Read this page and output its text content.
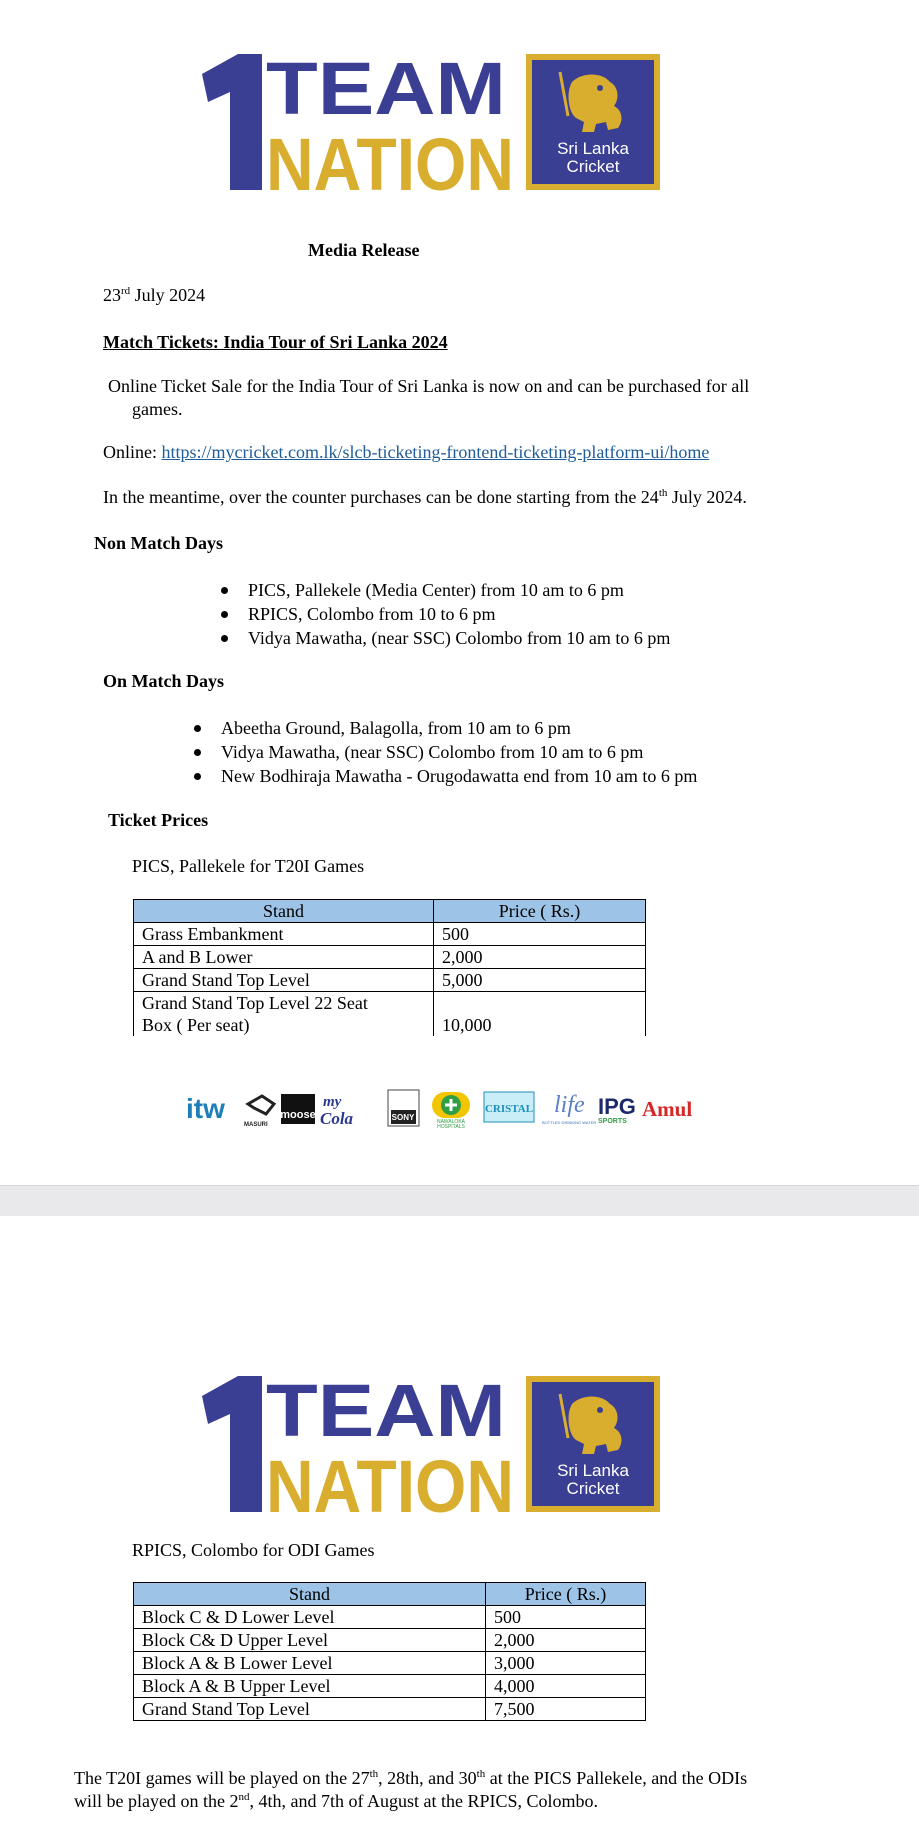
TEAM
NATION	Sri Lanka
Cricket
Media Release
23rd July 2024
Match Tickets: India Tour of Sri Lanka 2024
Online Ticket Sale for the India Tour of Sri Lanka is now on and can be purchased for all
games.
Online: https://mycricket.com.lk/slcb-ticketing-frontend-ticketing-platform-ui/home
In the meantime, over the counter purchases can be done starting from the 24th July 2024.
Non Match Days
PICS, Pallekele (Media Center) from 10 am to 6 pm
RPICS, Colombo from 10 to 6 pm
Vidya Mawatha, (near SSC) Colombo from 10 am to 6 pm
On Match Days
Abeetha Ground, Balagolla, from 10 am to 6 pm
Vidya Mawatha, (near SSC) Colombo from 10 am to 6 pm
New Bodhiraja Mawatha - Orugodawatta end from 10 am to 6 pm
Ticket Prices
PICS, Pallekele for T20I Games
Stand	Price ( Rs.)
Grass Embankment	500
A and B Lower	2,000
Grand Stand Top Level	5,000
Grand Stand Top Level 22 Seat
Box ( Per seat)	10,000
itw
MASURI
moose
my
Cola	SONY	NAWALOKA
HOSPITALS
CRISTAL life
BOTTLED DRINKING WATER
IPG
SPORTS
Amul
TEAM
NATION	Sri Lanka
Cricket
RPICS, Colombo for ODI Games
Stand	Price ( Rs.)
Block C & D Lower Level	500
Block C& D Upper Level	2,000
Block A & B Lower Level	3,000
Block A & B Upper Level	4,000
Grand Stand Top Level	7,500
The T20I games will be played on the 27th, 28th, and 30th at the PICS Pallekele, and the ODIs
will be played on the 2nd, 4th, and 7th of August at the RPICS, Colombo.
